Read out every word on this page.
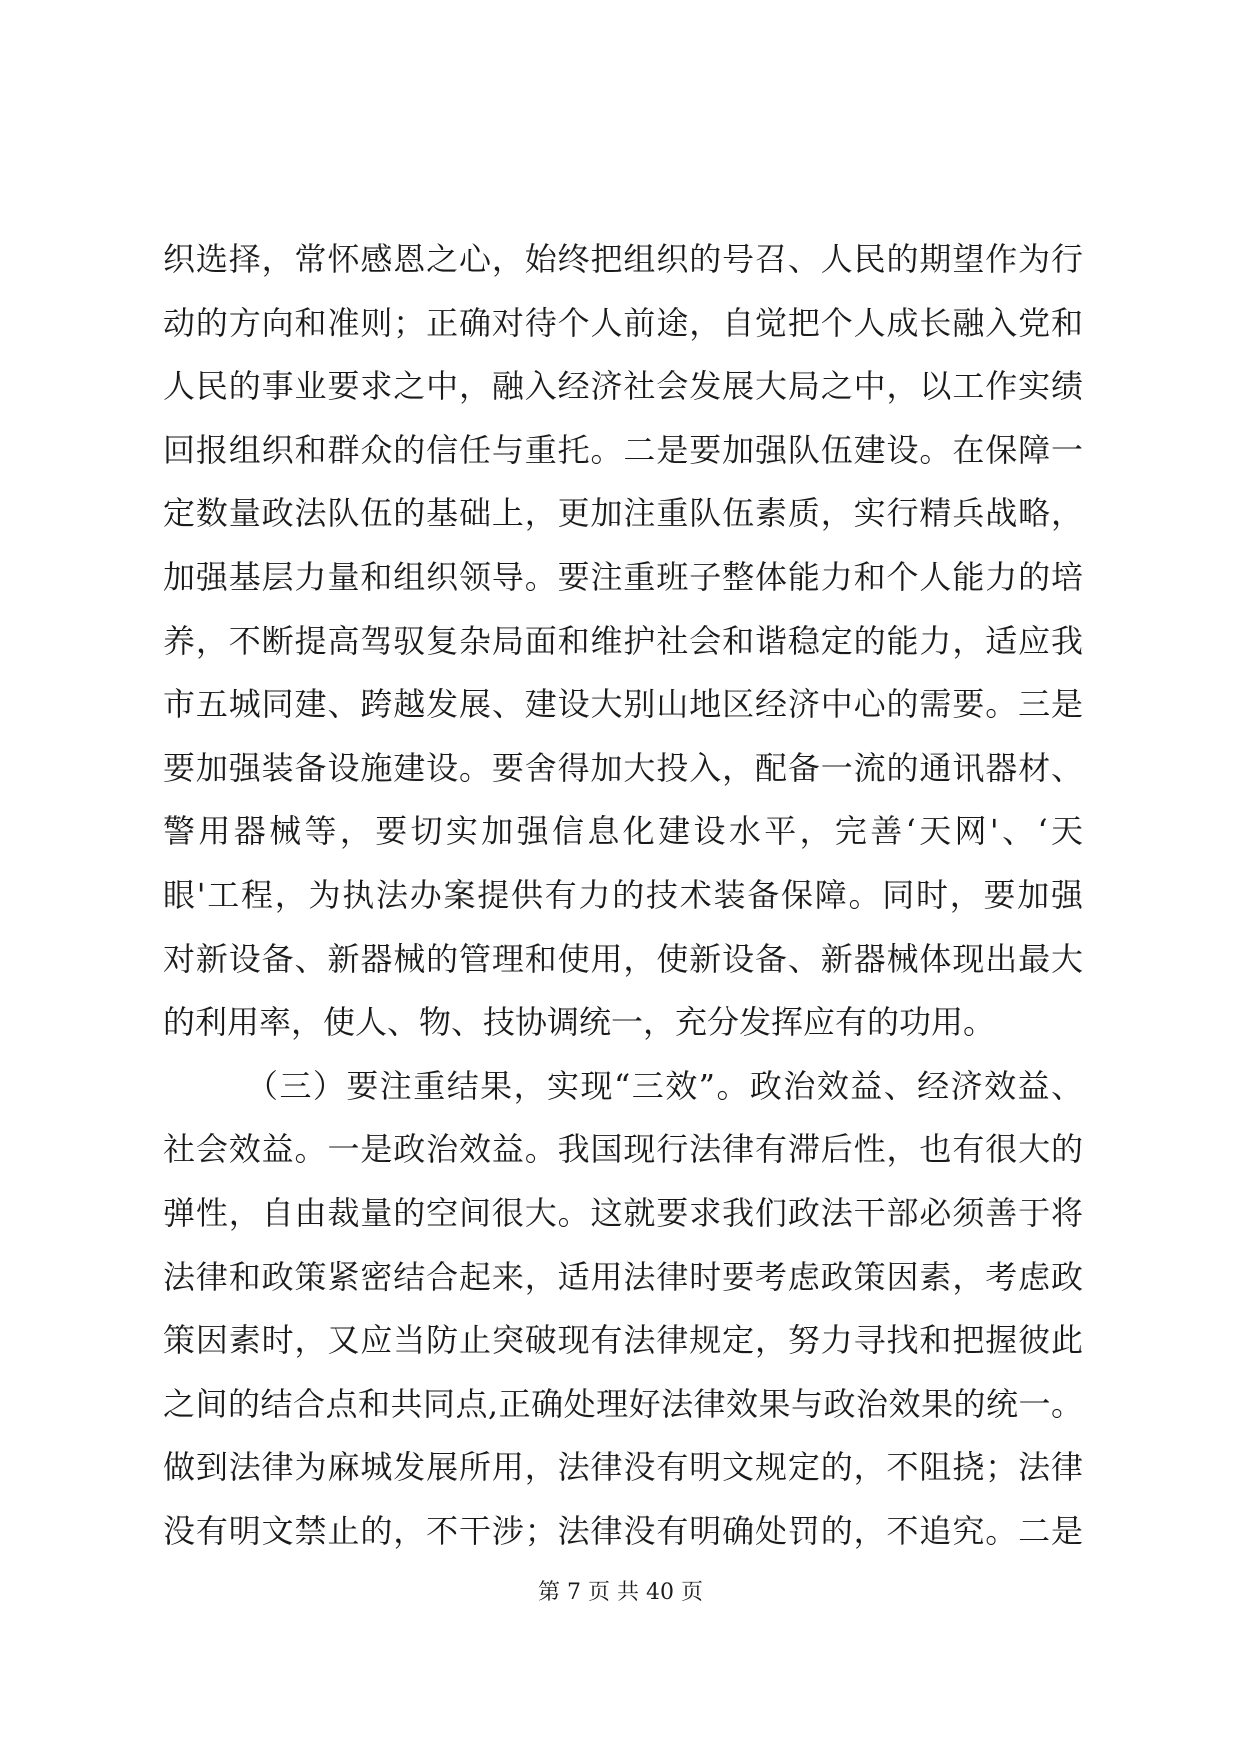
织选择，常怀感恩之心，始终把组织的号召、人民的期望作为行
动的方向和准则；正确对待个人前途，自觉把个人成长融入党和
人民的事业要求之中，融入经济社会发展大局之中，以工作实绩
回报组织和群众的信任与重托。二是要加强队伍建设。在保障一
定数量政法队伍的基础上，更加注重队伍素质，实行精兵战略，
加强基层力量和组织领导。要注重班子整体能力和个人能力的培
养，不断提高驾驭复杂局面和维护社会和谐稳定的能力，适应我
市五城同建、跨越发展、建设大别山地区经济中心的需要。三是
要加强装备设施建设。要舍得加大投入，配备一流的通讯器材、
警用器械等，要切实加强信息化建设水平，完善‘天网'、‘天
眼'工程，为执法办案提供有力的技术装备保障。同时，要加强
对新设备、新器械的管理和使用，使新设备、新器械体现出最大
的利用率，使人、物、技协调统一，充分发挥应有的功用。
（三）要注重结果，实现“三效”。政治效益、经济效益、
社会效益。一是政治效益。我国现行法律有滞后性，也有很大的
弹性，自由裁量的空间很大。这就要求我们政法干部必须善于将
法律和政策紧密结合起来，适用法律时要考虑政策因素，考虑政
策因素时，又应当防止突破现有法律规定，努力寻找和把握彼此
之间的结合点和共同点,正确处理好法律效果与政治效果的统一。
做到法律为麻城发展所用，法律没有明文规定的，不阻挠；法律
没有明文禁止的，不干涉；法律没有明确处罚的，不追究。二是
第 7 页 共 40 页
